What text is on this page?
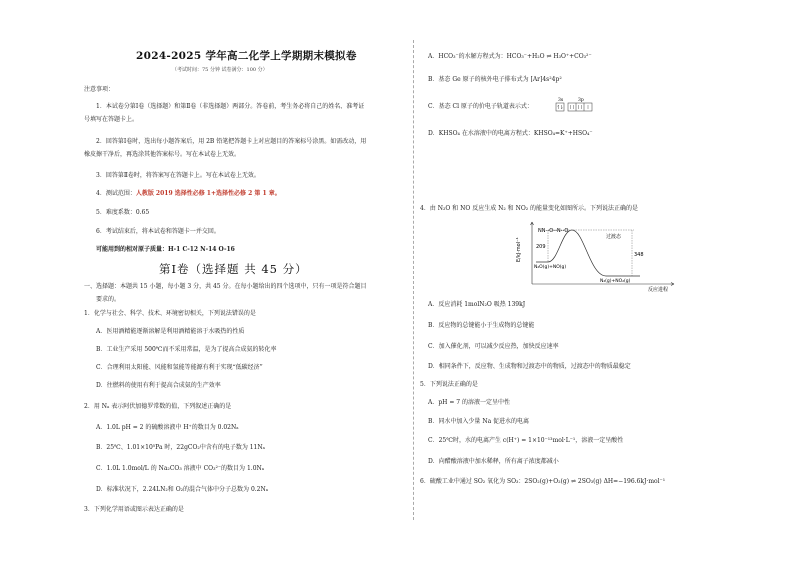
2024-2025 学年高二化学上学期期末模拟卷
（考试时间：75 分钟 试卷满分：100 分）
注意事项：
1．本试卷分第Ⅰ卷（选择题）和第Ⅱ卷（非选择题）两部分。答卷前，考生务必将自己的姓名、准考证
号填写在答题卡上。
2．回答第Ⅰ卷时，选出每小题答案后，用 2B 铅笔把答题卡上对应题目的答案标号涂黑。如需改动，用
橡皮擦干净后，再选涂其他答案标号。写在本试卷上无效。
3．回答第Ⅱ卷时，将答案写在答题卡上。写在本试卷上无效。
4．测试范围：人教版 2019 选择性必修 1+选择性必修 2 第 1 章。
5．难度系数：0.65
6．考试结束后，将本试卷和答题卡一并交回。
可能用到的相对原子质量：H-1 C-12 N-14 O-16
第Ⅰ卷（选择题 共 45 分）
一、选择题：本题共 15 小题，每小题 3 分，共 45 分。在每小题给出的四个选项中，只有一项是符合题目
要求的。
1．化学与社会、科学、技术、环境密切相关，下列说法错误的是
A．医用酒精能逐渐溶解是利用酒精能溶于水吸热的性质
B．工业生产采用 500℃而不采用常温，是为了提高合成氨的转化率
C．合理利用太阳能、风能和氢能等能源有利于实现“低碳经济”
D．往燃料的使用有利于提高合成氨的生产效率
2．用 Nₐ 表示阿伏加德罗常数的值，下列叙述正确的是
A．1.0L pH = 2 的硫酸溶液中 H⁺的数目为 0.02Nₐ
B．25℃、1.01×10⁵Pa 时，22gCO₂中含有的电子数为 11Nₐ
C．1.0L 1.0mol/L 的 Na₂CO₃ 溶液中 CO₃²⁻的数目为 1.0Nₐ
D．标准状况下，2.24LN₂和 O₂的混合气体中分子总数为 0.2Nₐ
3．下列化学用语或图示表达正确的是
A．HCO₃⁻的水解方程式为：HCO₃⁻+H₂O ⇌ H₃O⁺+CO₃²⁻
B．基态 Ge 原子的核外电子排布式为 [Ar]4s²4p²
C．基态 Cl 原子的价电子轨道表示式：
3s	3p
D．KHSO₄ 在水溶液中的电离方程式：KHSO₄=K⁺+HSO₄⁻
4．由 N₂O 和 NO 反应生成 N₂ 和 NO₂ 的能量变化如图所示。下列说法正确的是
E/kJ·mol⁻¹
反应进程
NN--O--N--O
过渡态
209
348
N₂O(g)+NO(g)
N₂(g)+NO₂(g)
A．反应消耗 1molN₂O 吸热 139kJ
B．反应物的总键能小于生成物的总键能
C．加入催化剂，可以减少反应热，加快反应速率
D．相同条件下，反应物、生成物和过渡态中的物质，过渡态中的物质最稳定
5．下列说法正确的是
A．pH = 7 的溶液一定呈中性
B．同水中加入少量 Na 促进水的电离
C．25℃时，水的电离产生 c(H⁺) = 1×10⁻¹³mol·L⁻¹，溶液一定呈酸性
D．向醋酸溶液中加水稀释，所有离子浓度都减小
6．硫酸工业中通过 SO₂ 氧化为 SO₃：2SO₂(g)+O₂(g) ⇌ 2SO₃(g) ΔH=−196.6kJ·mol⁻¹
